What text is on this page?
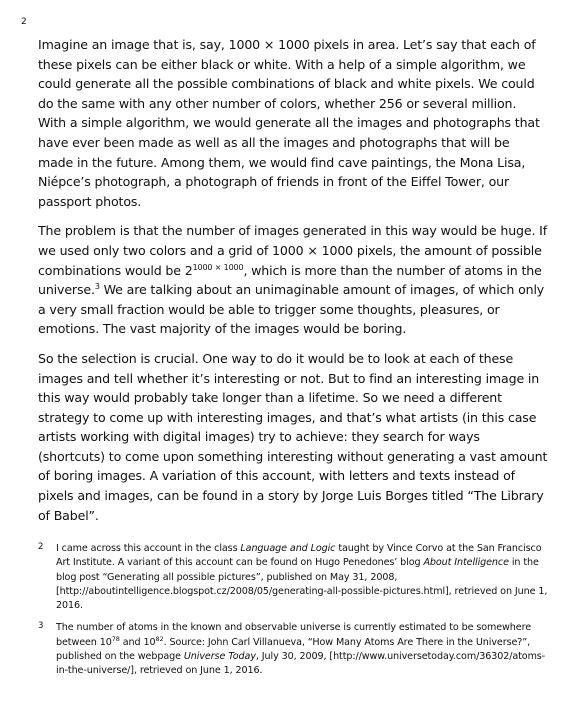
2

Imagine an image that is, say, 1000 × 1000 pixels in area. Let’s say that each of these pixels can be either black or white. With a help of a simple algorithm, we could generate all the possible combinations of black and white pixels. We could do the same with any other number of colors, whether 256 or several million. With a simple algorithm, we would generate all the images and photographs that have ever been made as well as all the images and photographs that will be made in the future. Among them, we would find cave paintings, the Mona Lisa, Niépce’s photograph, a photograph of friends in front of the Eiffel Tower, our passport photos.

The problem is that the number of images generated in this way would be huge. If we used only two colors and a grid of 1000 × 1000 pixels, the amount of possible combinations would be $2^{1000 \times 1000}$, which is more than the number of atoms in the universe.$^3$ We are talking about an unimaginable amount of images, of which only a very small fraction would be able to trigger some thoughts, pleasures, or emotions. The vast majority of the images would be boring.

So the selection is crucial. One way to do it would be to look at each of these images and tell whether it’s interesting or not. But to find an interesting image in this way would probably take longer than a lifetime. So we need a different strategy to come up with interesting images, and that’s what artists (in this case artists working with digital images) try to achieve: they search for ways (shortcuts) to come upon something interesting without generating a vast amount of boring images. A variation of this account, with letters and texts instead of pixels and images, can be found in a story by Jorge Luis Borges titled “The Library of Babel”.

2 I came across this account in the class Language and Logic taught by Vince Corvo at the San Francisco Art Institute. A variant of this account can be found on Hugo Penedones’ blog About Intelligence in the blog post “Generating all possible pictures”, published on May 31, 2008, [http://aboutintelligence.blogspot.cz/2008/05/generating-all-possible-pictures.html], retrieved on June 1, 2016.
3 The number of atoms in the known and observable universe is currently estimated to be somewhere between $10^{78}$ and $10^{82}$. Source: John Carl Villanueva, “How Many Atoms Are There in the Universe?”, published on the webpage Universe Today, July 30, 2009, [http://www.universetoday.com/36302/atoms-in-the-universe/], retrieved on June 1, 2016.
